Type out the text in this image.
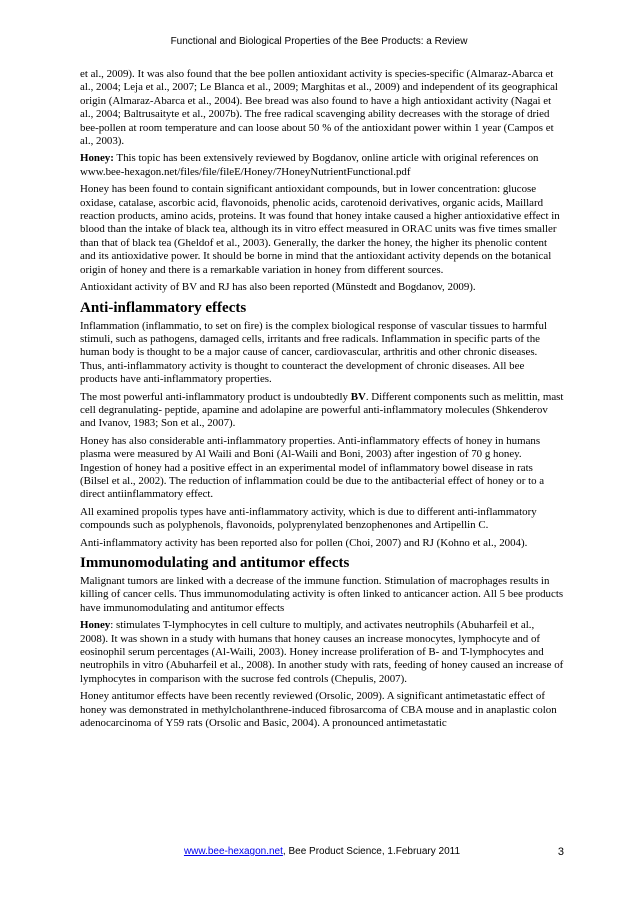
Functional and Biological Properties of the Bee Products: a Review

et al., 2009). It was also found that the bee pollen antioxidant activity is species-specific (Almaraz-Abarca et al., 2004; Leja et al., 2007; Le Blanca et al., 2009; Marghitas et al., 2009) and independent of its geographical origin (Almaraz-Abarca et al., 2004). Bee bread was also found to have a high antioxidant activity (Nagai et al., 2004; Baltrusaityte et al., 2007b). The free radical scavenging ability decreases with the storage of dried bee-pollen at room temperature and can loose about 50 % of the antioxidant power within 1 year (Campos et al., 2003).

Honey: This topic has been extensively reviewed by Bogdanov, online article with original references on www.bee-hexagon.net/files/file/fileE/Honey/7HoneyNutrientFunctional.pdf

Honey has been found to contain significant antioxidant compounds, but in lower concentration: glucose oxidase, catalase, ascorbic acid, flavonoids, phenolic acids, carotenoid derivatives, organic acids, Maillard reaction products, amino acids, proteins. It was found that honey intake caused a higher antioxidative effect in blood than the intake of black tea, although its in vitro effect measured in ORAC units was five times smaller than that of black tea (Gheldof et al., 2003). Generally, the darker the honey, the higher its phenolic content and its antioxidative power. It should be borne in mind that the antioxidant activity depends on the botanical origin of honey and there is a remarkable variation in honey from different sources.

Antioxidant activity of BV and RJ has also been reported (Münstedt and Bogdanov, 2009).

Anti-inflammatory effects

Inflammation (inflammatio, to set on fire) is the complex biological response of vascular tissues to harmful stimuli, such as pathogens, damaged cells, irritants and free radicals. Inflammation in specific parts of the human body is thought to be a major cause of cancer, cardiovascular, arthritis and other chronic diseases. Thus, anti-inflammatory activity is thought to counteract the development of chronic diseases. All bee products have anti-inflammatory properties.

The most powerful anti-inflammatory product is undoubtedly BV. Different components such as melittin, mast cell degranulating- peptide, apamine and adolapine are powerful anti-inflammatory molecules (Shkenderov and Ivanov, 1983; Son et al., 2007).

Honey has also considerable anti-inflammatory properties. Anti-inflammatory effects of honey in humans plasma were measured by Al Waili and Boni (Al-Waili and Boni, 2003) after ingestion of 70 g honey. Ingestion of honey had a positive effect in an experimental model of inflammatory bowel disease in rats (Bilsel et al., 2002). The reduction of inflammation could be due to the antibacterial effect of honey or to a direct antiinflammatory effect.

All examined propolis types have anti-inflammatory activity, which is due to different anti-inflammatory compounds such as polyphenols, flavonoids, polyprenylated benzophenones and Artipellin C.

Anti-inflammatory activity has been reported also for pollen (Choi, 2007) and RJ (Kohno et al., 2004).

Immunomodulating and antitumor effects

Malignant tumors are linked with a decrease of the immune function. Stimulation of macrophages results in killing of cancer cells. Thus immunomodulating activity is often linked to anticancer action. All 5 bee products have immunomodulating and antitumor effects

Honey: stimulates T-lymphocytes in cell culture to multiply, and activates neutrophils (Abuharfeil et al., 2008). It was shown in a study with humans that honey causes an increase monocytes, lymphocyte and of eosinophil serum percentages (Al-Waili, 2003). Honey increase proliferation of B- and T-lymphocytes and neutrophils in vitro (Abuharfeil et al., 2008). In another study with rats, feeding of honey caused an increase of lymphocytes in comparison with the sucrose fed controls (Chepulis, 2007).

Honey antitumor effects have been recently reviewed (Orsolic, 2009). A significant antimetastatic effect of honey was demonstrated in methylcholanthrene-induced fibrosarcoma of CBA mouse and in anaplastic colon adenocarcinoma of Y59 rats (Orsolic and Basic, 2004). A pronounced antimetastatic

www.bee-hexagon.net, Bee Product Science, 1.February 2011	3
